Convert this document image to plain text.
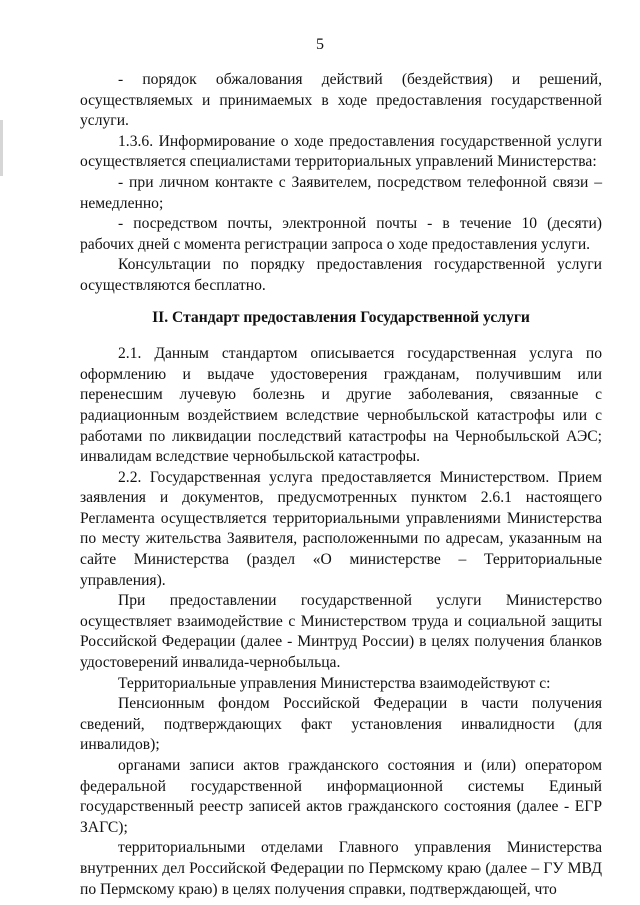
5

- порядок обжалования действий (бездействия) и решений, осуществляемых и принимаемых в ходе предоставления государственной услуги.

1.3.6. Информирование о ходе предоставления государственной услуги осуществляется специалистами территориальных управлений Министерства:

- при личном контакте с Заявителем, посредством телефонной связи – немедленно;

- посредством почты, электронной почты - в течение 10 (десяти) рабочих дней с момента регистрации запроса о ходе предоставления услуги.

Консультации по порядку предоставления государственной услуги осуществляются бесплатно.

II. Стандарт предоставления Государственной услуги

2.1. Данным стандартом описывается государственная услуга по оформлению и выдаче удостоверения гражданам, получившим или перенесшим лучевую болезнь и другие заболевания, связанные с радиационным воздействием вследствие чернобыльской катастрофы или с работами по ликвидации последствий катастрофы на Чернобыльской АЭС; инвалидам вследствие чернобыльской катастрофы.

2.2. Государственная услуга предоставляется Министерством. Прием заявления и документов, предусмотренных пунктом 2.6.1 настоящего Регламента осуществляется территориальными управлениями Министерства по месту жительства Заявителя, расположенными по адресам, указанным на сайте Министерства (раздел «О министерстве – Территориальные управления).

При предоставлении государственной услуги Министерство осуществляет взаимодействие с Министерством труда и социальной защиты Российской Федерации (далее - Минтруд России) в целях получения бланков удостоверений инвалида-чернобыльца.

Территориальные управления Министерства взаимодействуют с:

Пенсионным фондом Российской Федерации в части получения сведений, подтверждающих факт установления инвалидности (для инвалидов);

органами записи актов гражданского состояния и (или) оператором федеральной государственной информационной системы Единый государственный реестр записей актов гражданского состояния (далее - ЕГР ЗАГС);

территориальными отделами Главного управления Министерства внутренних дел Российской Федерации по Пермскому краю (далее – ГУ МВД по Пермскому краю) в целях получения справки, подтверждающей, что
